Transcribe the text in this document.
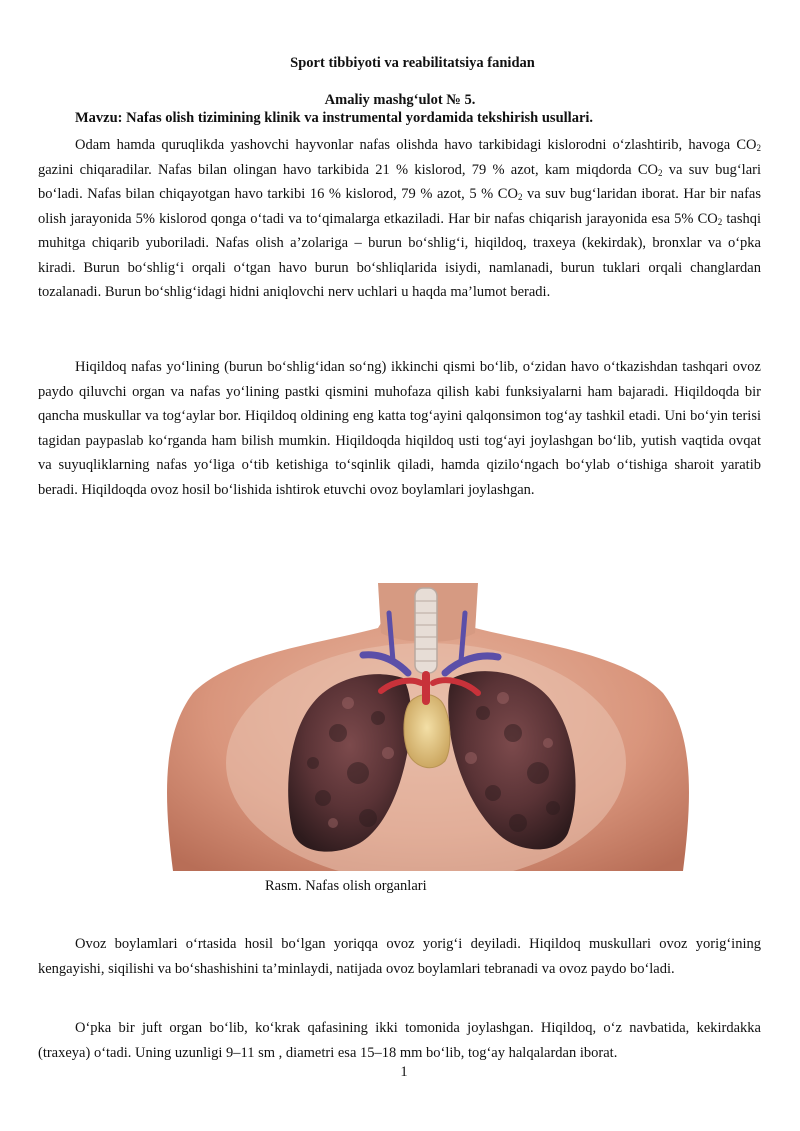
Sport tibbiyoti va reabilitatsiya fanidan
Amaliy mashg‘ulot № 5.
Mavzu: Nafas olish tizimining klinik va instrumental yordamida tekshirish usullari.

Odam hamda quruqlikda yashovchi hayvonlar nafas olishda havo tarkibidagi kislorodni o‘zlashtirib, havoga $CO_2$ gazini chiqaradilar. Nafas bilan olingan havo tarkibida 21 % kislorod, 79 % azot, kam miqdorda $CO_2$ va suv bug‘lari bo‘ladi. Nafas bilan chiqayotgan havo tarkibi 16 % kislorod, 79 % azot, 5 % $CO_2$ va suv bug‘laridan iborat. Har bir nafas olish jarayonida 5% kislorod qonga o‘tadi va to‘qimalarga etkaziladi. Har bir nafas chiqarish jarayonida esa 5% $CO_2$ tashqi muhitga chiqarib yuboriladi. Nafas olish a’zolariga – burun bo‘shlig‘i, hiqildoq, traxeya (kekirdak), bronxlar va o‘pka kiradi. Burun bo‘shlig‘i orqali o‘tgan havo burun bo‘shliqlarida isiydi, namlanadi, burun tuklari orqali changlardan tozalanadi. Burun bo‘shlig‘idagi hidni aniqlovchi nerv uchlari u haqda ma’lumot beradi.

Hiqildoq nafas yo‘lining (burun bo‘shlig‘idan so‘ng) ikkinchi qismi bo‘lib, o‘zidan havo o‘tkazishdan tashqari ovoz paydo qiluvchi organ va nafas yo‘lining pastki qismini muhofaza qilish kabi funksiyalarni ham bajaradi. Hiqildoqda bir qancha muskullar va tog‘aylar bor. Hiqildoq oldining eng katta tog‘ayini qalqonsimon tog‘ay tashkil etadi. Uni bo‘yin terisi tagidan paypaslab ko‘rganda ham bilish mumkin. Hiqildoqda hiqildoq usti tog‘ayi joylashgan bo‘lib, yutish vaqtida ovqat va suyuqliklarning nafas yo‘liga o‘tib ketishiga to‘sqinlik qiladi, hamda qizilo‘ngach bo‘ylab o‘tishiga sharoit yaratib beradi. Hiqildoqda ovoz hosil bo‘lishida ishtirok etuvchi ovoz boylamlari joylashgan.

Rasm. Nafas olish organlari

Ovoz boylamlari o‘rtasida hosil bo‘lgan yoriqqa ovoz yorig‘i deyiladi. Hiqildoq muskullari ovoz yorig‘ining kengayishi, siqilishi va bo‘shashishini ta’minlaydi, natijada ovoz boylamlari tebranadi va ovoz paydo bo‘ladi.

O‘pka bir juft organ bo‘lib, ko‘krak qafasining ikki tomonida joylashgan. Hiqildoq, o‘z navbatida, kekirdakka (traxeya) o‘tadi. Uning uzunligi 9–11 sm , diametri esa 15–18 mm bo‘lib, tog‘ay halqalardan iborat.

1
